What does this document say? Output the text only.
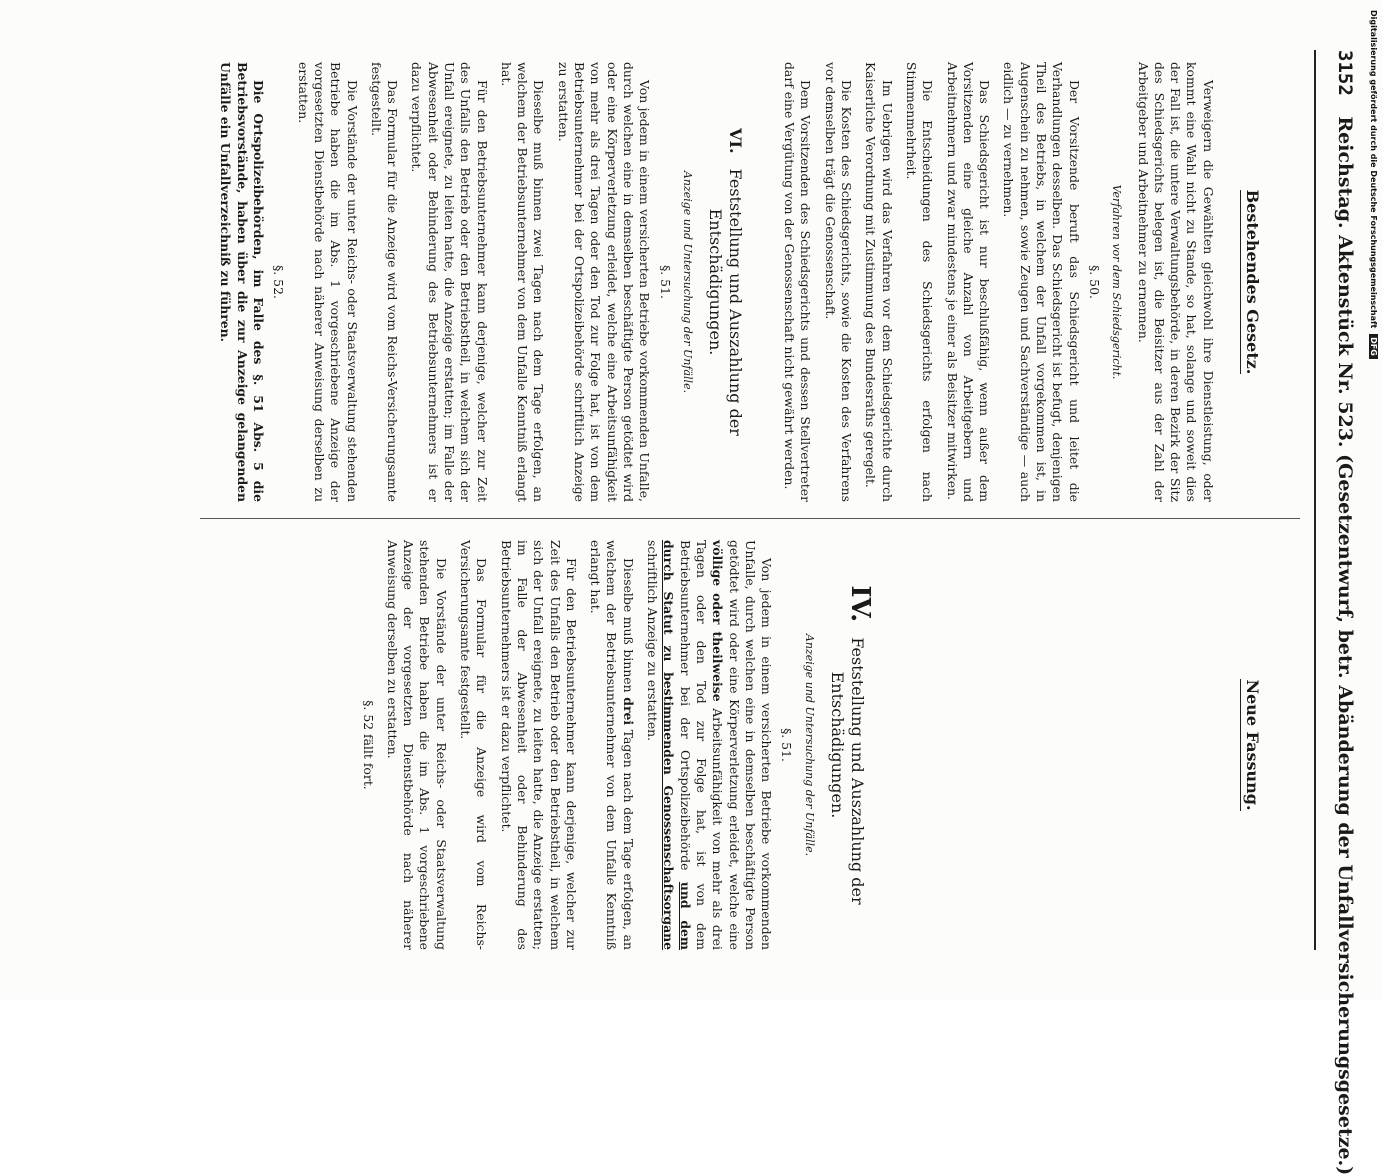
3152 Reichstag. Aktenstück Nr. 523. (Gesetzentwurf, betr. Abänderung der Unfallversicherungsgesetze.)
Bestehendes Gesetz.

Verweigern die Gewählten gleichwohl ihre Dienstleistung, oder kommt eine Wahl nicht zu Stande, so hat, solange und soweit dies der Fall ist, die untere Verwaltungsbehörde, in deren Bezirk der Sitz des Schiedsgerichts belegen ist, die Beisitzer aus der Zahl der Arbeitgeber und Arbeitnehmer zu ernennen.

Verfahren vor dem Schiedsgericht.
§. 50.

Der Vorsitzende beruft das Schiedsgericht und leitet die Verhandlungen desselben. Das Schiedsgericht ist befugt, denjenigen Theil des Betriebs, in welchem der Unfall vorgekommen ist, in Augenschein zu nehmen, sowie Zeugen und Sachverständige — auch eidlich — zu vernehmen.

Das Schiedsgericht ist nur beschlußfähig, wenn außer dem Vorsitzenden eine gleiche Anzahl von Arbeitgebern und Arbeitnehmern und zwar mindestens je einer als Beisitzer mitwirken.

Die Entscheidungen des Schiedsgerichts erfolgen nach Stimmenmehrheit.

Im Uebrigen wird das Verfahren vor dem Schiedsgerichte durch Kaiserliche Verordnung mit Zustimmung des Bundesraths geregelt.

Die Kosten des Schiedsgerichts, sowie die Kosten des Verfahrens vor demselben trägt die Genossenschaft.

Dem Vorsitzenden des Schiedsgerichts und dessen Stellvertreter darf eine Vergütung von der Genossenschaft nicht gewährt werden.

VI. Feststellung und Auszahlung der Entschädigungen.
Anzeige und Untersuchung der Unfälle.
§. 51.

Von jedem in einem versicherten Betriebe vorkommenden Unfalle, durch welchen eine in demselben beschäftigte Person getödtet wird oder eine Körperverletzung erleidet, welche eine Arbeitsunfähigkeit von mehr als drei Tagen oder den Tod zur Folge hat, ist von dem Betriebsunternehmer bei der Ortspolizeibehörde schriftlich Anzeige zu erstatten.

Dieselbe muß binnen zwei Tagen nach dem Tage erfolgen, an welchem der Betriebsunternehmer von dem Unfalle Kenntniß erlangt hat.

Für den Betriebsunternehmer kann derjenige, welcher zur Zeit des Unfalls den Betrieb oder den Betriebstheil, in welchem sich der Unfall ereignete, zu leiten hatte, die Anzeige erstatten; im Falle der Abwesenheit oder Behinderung des Betriebsunternehmers ist er dazu verpflichtet.

Das Formular für die Anzeige wird vom Reichs-Versicherungsamte festgestellt.

Die Vorstände der unter Reichs- oder Staatsverwaltung stehenden Betriebe haben die im Abs. 1 vorgeschriebene Anzeige der vorgesetzten Dienstbehörde nach näherer Anweisung derselben zu erstatten.

§. 52.

Die Ortspolizeibehörden, im Falle des §. 51 Abs. 5 die Betriebsvorstände, haben über die zur Anzeige gelangenden Unfälle ein Unfallverzeichniß zu führen.

Neue Fassung.
IV. Feststellung und Auszahlung der Entschädigungen.
Anzeige und Untersuchung der Unfälle.
§. 51.

Von jedem in einem versicherten Betriebe vorkommenden Unfalle, durch welchen eine in demselben beschäftigte Person getödtet wird oder eine Körperverletzung erleidet, welche eine völlige oder theilweise Arbeitsunfähigkeit von mehr als drei Tagen oder den Tod zur Folge hat, ist von dem Betriebsunternehmer bei der Ortspolizeibehörde und dem durch Statut zu bestimmenden Genossenschaftsorgane schriftlich Anzeige zu erstatten.

Dieselbe muß binnen drei Tagen nach dem Tage erfolgen, an welchem der Betriebsunternehmer von dem Unfalle Kenntniß erlangt hat.

Für den Betriebsunternehmer kann derjenige, welcher zur Zeit des Unfalls den Betrieb oder den Betriebstheil, in welchem sich der Unfall ereignete, zu leiten hatte, die Anzeige erstatten; im Falle der Abwesenheit oder Behinderung des Betriebsunternehmers ist er dazu verpflichtet.

Das Formular für die Anzeige wird vom Reichs-Versicherungsamte festgestellt.

Die Vorstände der unter Reichs- oder Staatsverwaltung stehenden Betriebe haben die im Abs. 1 vorgeschriebene Anzeige der vorgesetzten Dienstbehörde nach näherer Anweisung derselben zu erstatten.

§. 52 fällt fort.
Digitalisierung gefördert durch die Deutsche Forschungsgemeinschaft DFG
